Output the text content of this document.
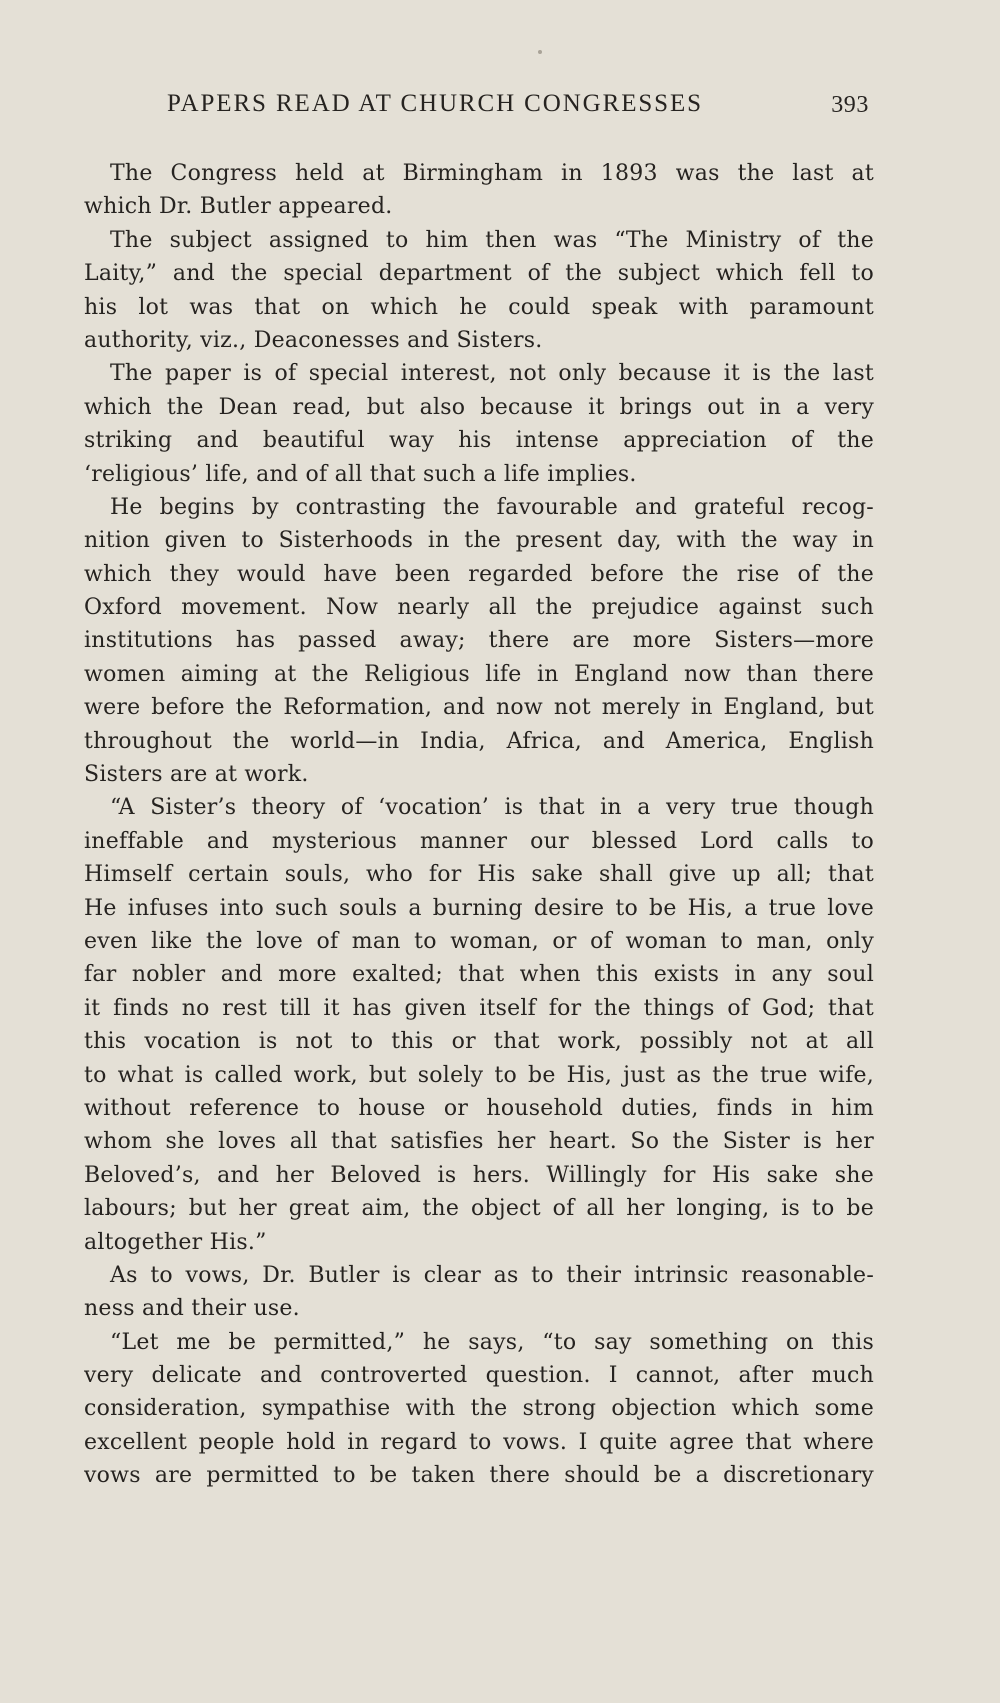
PAPERS READ AT CHURCH CONGRESSES	393

The Congress held at Birmingham in 1893 was the last at
which Dr. Butler appeared.

The subject assigned to him then was “The Ministry of the
Laity,” and the special department of the subject which fell to
his lot was that on which he could speak with paramount
authority, viz., Deaconesses and Sisters.

The paper is of special interest, not only because it is the last
which the Dean read, but also because it brings out in a very
striking and beautiful way his intense appreciation of the
‘religious’ life, and of all that such a life implies.

He begins by contrasting the favourable and grateful recog-
nition given to Sisterhoods in the present day, with the way in
which they would have been regarded before the rise of the
Oxford movement. Now nearly all the prejudice against such
institutions has passed away; there are more Sisters—more
women aiming at the Religious life in England now than there
were before the Reformation, and now not merely in England, but
throughout the world—in India, Africa, and America, English
Sisters are at work.

“A Sister’s theory of ‘vocation’ is that in a very true though
ineffable and mysterious manner our blessed Lord calls to
Himself certain souls, who for His sake shall give up all; that
He infuses into such souls a burning desire to be His, a true love
even like the love of man to woman, or of woman to man, only
far nobler and more exalted; that when this exists in any soul
it finds no rest till it has given itself for the things of God; that
this vocation is not to this or that work, possibly not at all
to what is called work, but solely to be His, just as the true wife,
without reference to house or household duties, finds in him
whom she loves all that satisfies her heart. So the Sister is her
Beloved’s, and her Beloved is hers. Willingly for His sake she
labours; but her great aim, the object of all her longing, is to be
altogether His.”

As to vows, Dr. Butler is clear as to their intrinsic reasonable-
ness and their use.

“Let me be permitted,” he says, “to say something on this
very delicate and controverted question. I cannot, after much
consideration, sympathise with the strong objection which some
excellent people hold in regard to vows. I quite agree that where
vows are permitted to be taken there should be a discretionary
